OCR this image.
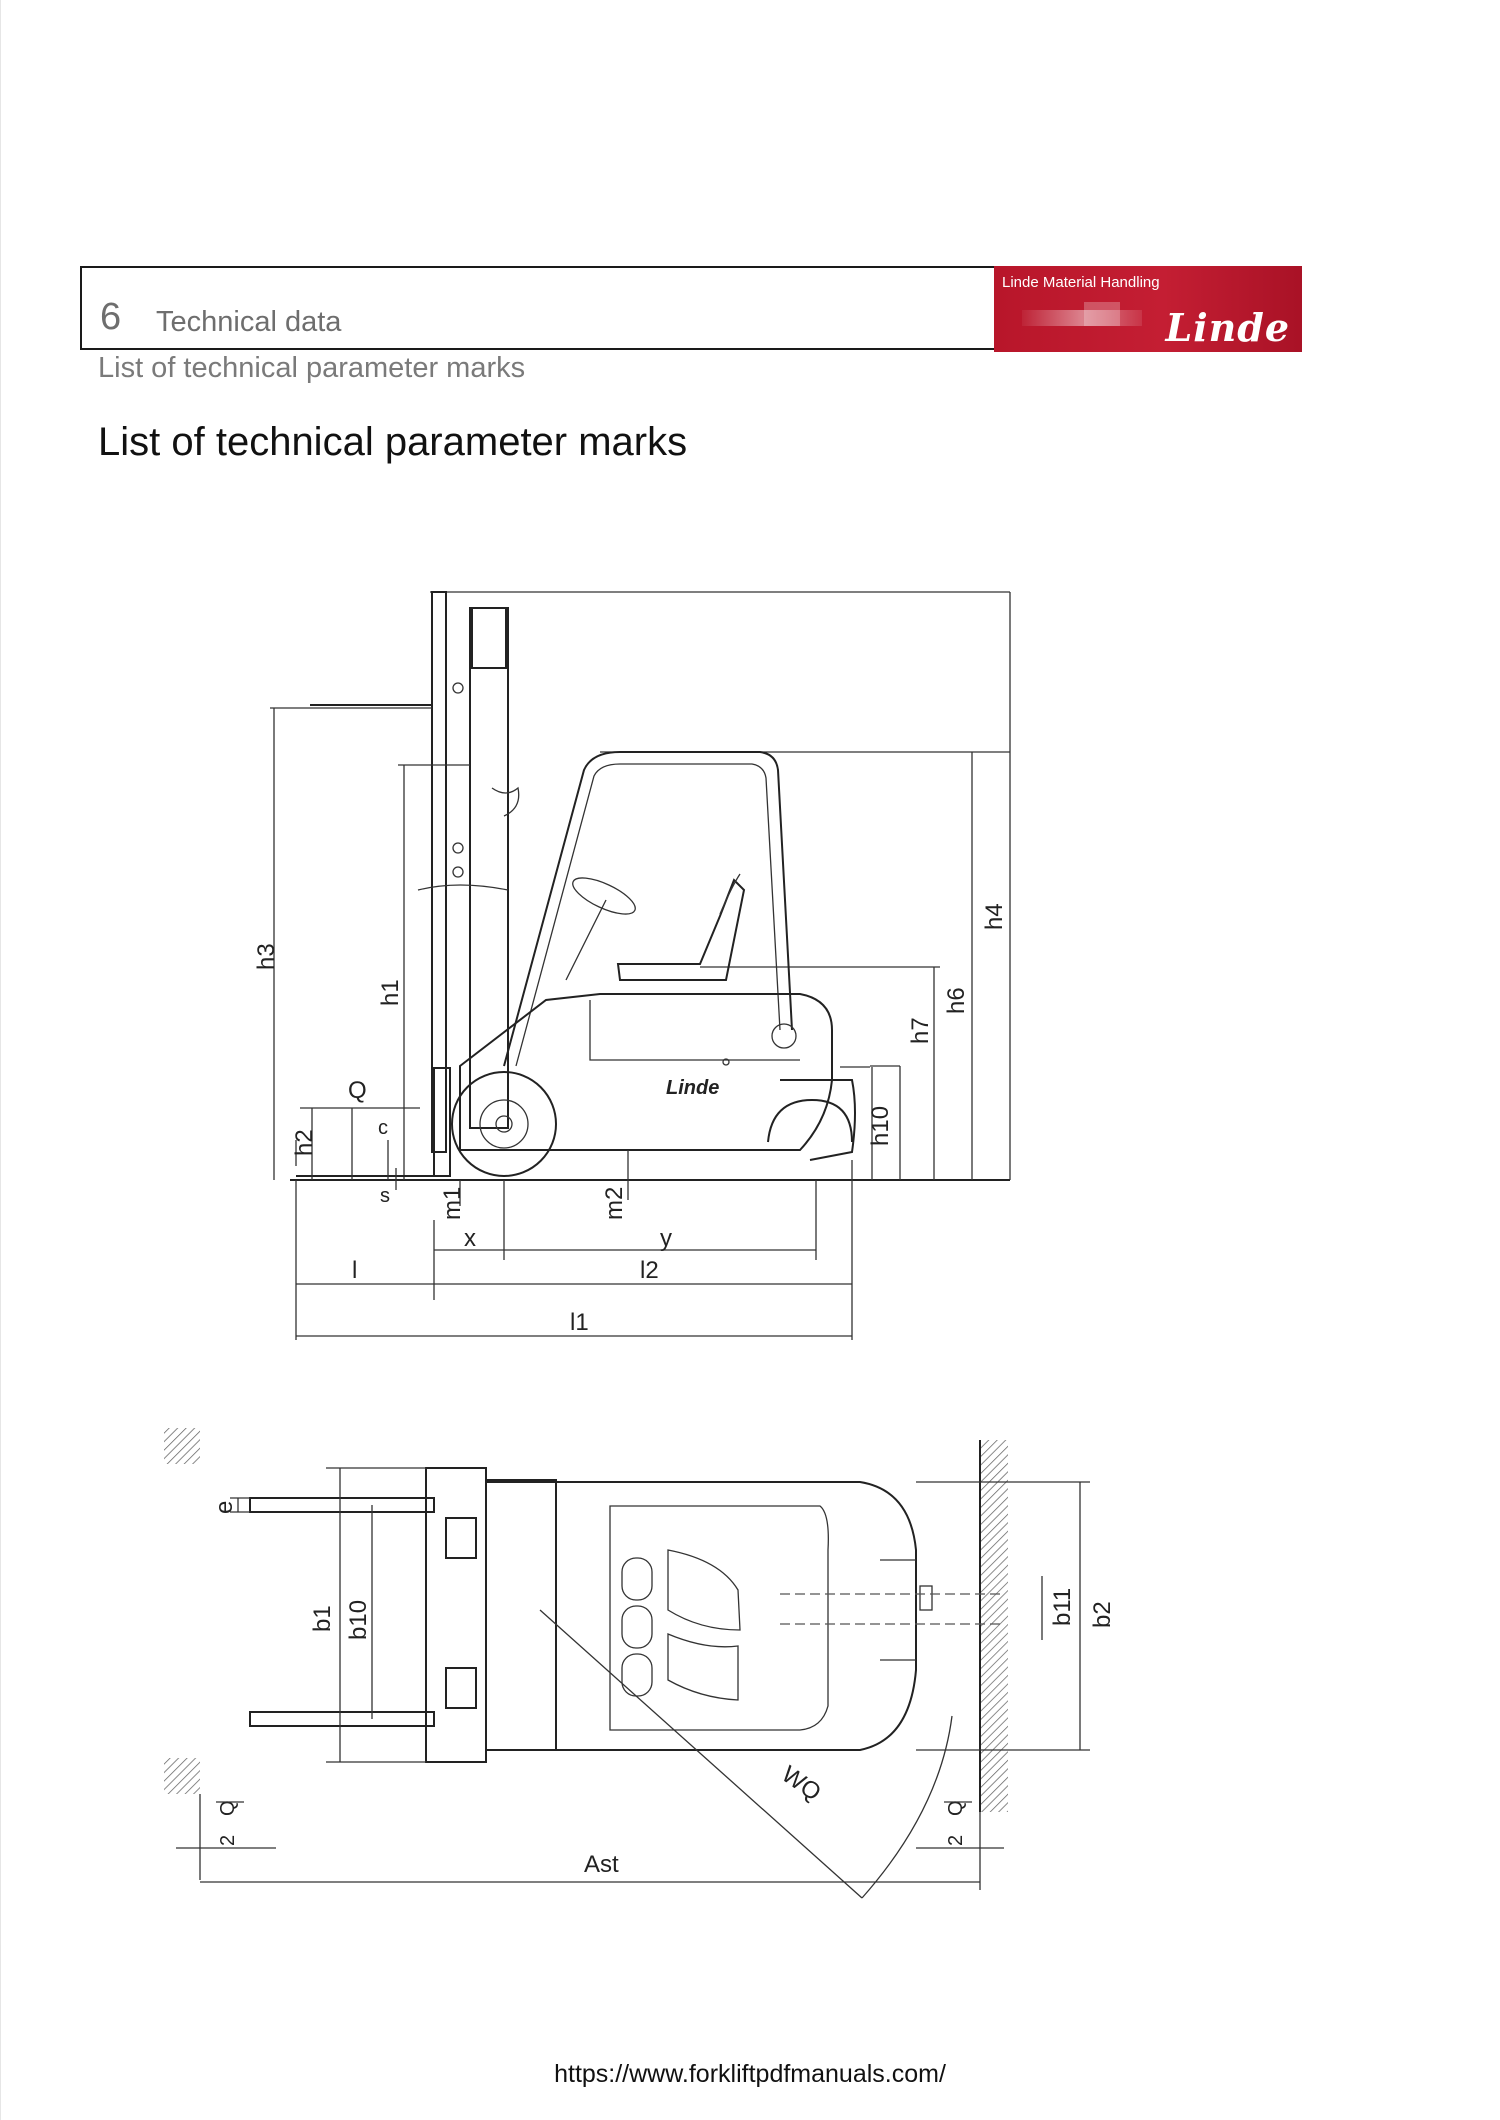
6 Technical data
Linde Material Handling
Linde
List of technical parameter marks
List of technical parameter marks
Linde
h3
h1
h2
Q
c
s m1	m2
x	y
l	l2
l1
h4
h6
h7
h10
e
b1 b10	b11 b2
WQ
Q
2
Q
2
Ast
https://www.forkliftpdfmanuals.com/
